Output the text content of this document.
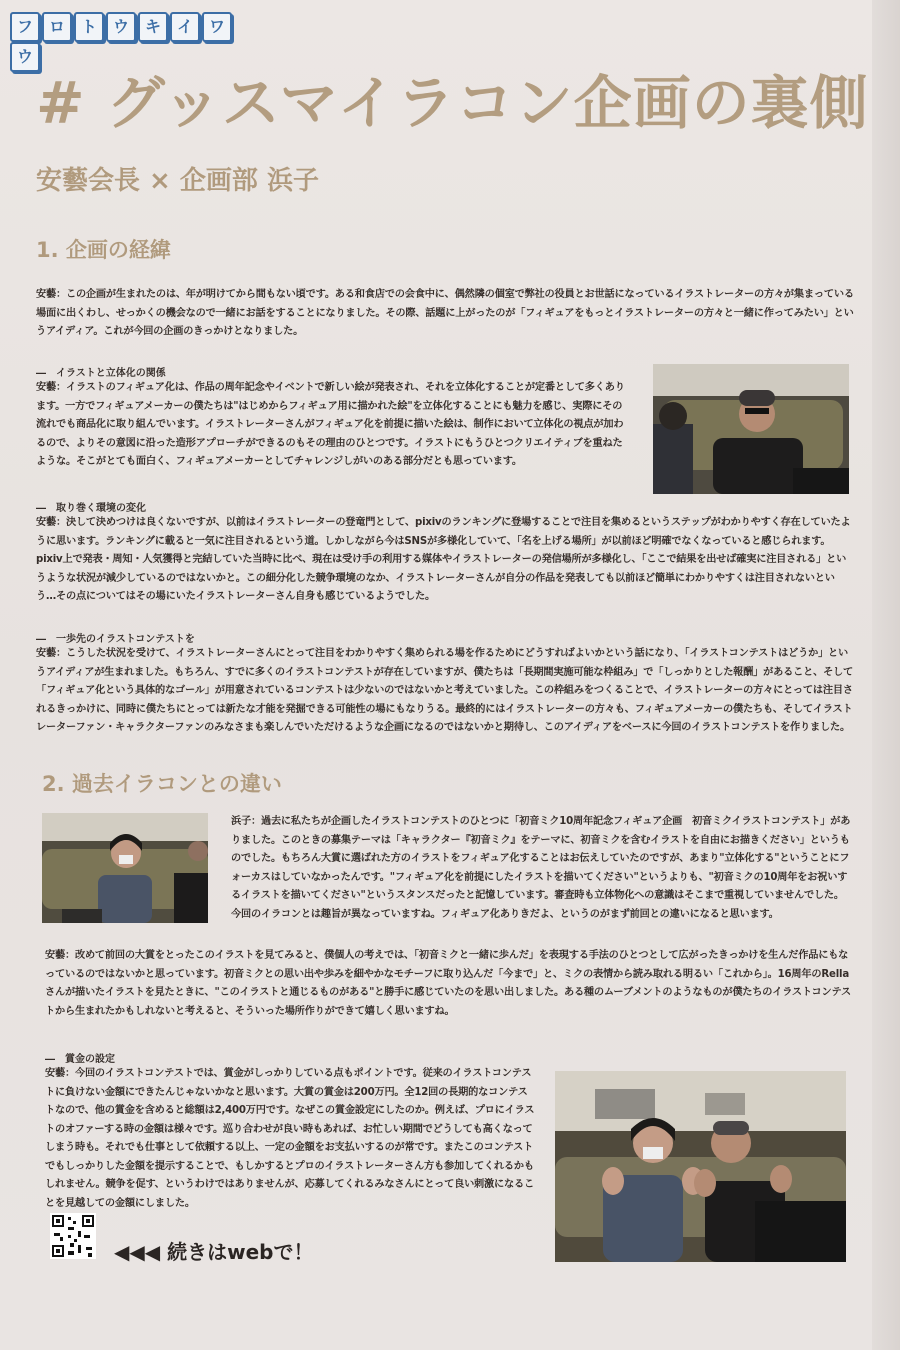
フ ロ ト ウ キ イ ワウ
# グッスマイラコン企画の裏側
安藝会長 × 企画部 浜子
1. 企画の経緯

安藝：この企画が生まれたのは、年が明けてから間もない頃です。ある和食店での会食中に、偶然隣の個室で弊社の役員とお世話になっているイラストレーターの方々が集まっている場面に出くわし、せっかくの機会なので一緒にお話をすることになりました。その際、話題に上がったのが「フィギュアをもっとイラストレーターの方々と一緒に作ってみたい」というアイディア。これが今回の企画のきっかけとなりました。

―　イラストと立体化の関係

安藝：イラストのフィギュア化は、作品の周年記念やイベントで新しい絵が発表され、それを立体化することが定番として多くあります。一方でフィギュアメーカーの僕たちは"はじめからフィギュア用に描かれた絵"を立体化することにも魅力を感じ、実際にその流れでも商品化に取り組んでいます。イラストレーターさんがフィギュア化を前提に描いた絵は、制作において立体化の視点が加わるので、よりその意図に沿った造形アプローチができるのもその理由のひとつです。イラストにもうひとつクリエイティブを重ねたような。そこがとても面白く、フィギュアメーカーとしてチャレンジしがいのある部分だとも思っています。

―　取り巻く環境の変化

安藝：決して決めつけは良くないですが、以前はイラストレーターの登竜門として、pixivのランキングに登場することで注目を集めるというステップがわかりやすく存在していたように思います。ランキングに載ると一気に注目されるという道。しかしながら今はSNSが多様化していて、「名を上げる場所」が以前ほど明確でなくなっていると感じられます。pixiv上で発表・周知・人気獲得と完結していた当時に比べ、現在は受け手の利用する媒体やイラストレーターの発信場所が多様化し、「ここで結果を出せば確実に注目される」というような状況が減少しているのではないかと。この細分化した競争環境のなか、イラストレーターさんが自分の作品を発表しても以前ほど簡単にわかりやすくは注目されないという…その点についてはその場にいたイラストレーターさん自身も感じているようでした。

―　一歩先のイラストコンテストを

安藝：こうした状況を受けて、イラストレーターさんにとって注目をわかりやすく集められる場を作るためにどうすればよいかという話になり、「イラストコンテストはどうか」というアイディアが生まれました。もちろん、すでに多くのイラストコンテストが存在していますが、僕たちは「長期間実施可能な枠組み」で「しっかりとした報酬」があること、そして「フィギュア化という具体的なゴール」が用意されているコンテストは少ないのではないかと考えていました。この枠組みをつくることで、イラストレーターの方々にとっては注目されるきっかけに、同時に僕たちにとっては新たな才能を発掘できる可能性の場にもなりうる。最終的にはイラストレーターの方々も、フィギュアメーカーの僕たちも、そしてイラストレーターファン・キャラクターファンのみなさまも楽しんでいただけるような企画になるのではないかと期待し、このアイディアをベースに今回のイラストコンテストを作りました。

2. 過去イラコンとの違い

浜子：過去に私たちが企画したイラストコンテストのひとつに「初音ミク10周年記念フィギュア企画　初音ミクイラストコンテスト」がありました。このときの募集テーマは「キャラクター『初音ミク』をテーマに、初音ミクを含むイラストを自由にお描きください」というものでした。もちろん大賞に選ばれた方のイラストをフィギュア化することはお伝えしていたのですが、あまり"立体化する"ということにフォーカスはしていなかったんです。"フィギュア化を前提にしたイラストを描いてください"というよりも、"初音ミクの10周年をお祝いするイラストを描いてください"というスタンスだったと記憶しています。審査時も立体物化への意識はそこまで重視していませんでした。今回のイラコンとは趣旨が異なっていますね。フィギュア化ありきだよ、というのがまず前回との違いになると思います。

安藝：改めて前回の大賞をとったこのイラストを見てみると、僕個人の考えでは、「初音ミクと一緒に歩んだ」を表現する手法のひとつとして広がったきっかけを生んだ作品にもなっているのではないかと思っています。初音ミクとの思い出や歩みを細やかなモチーフに取り込んだ「今まで」と、ミクの表情から読み取れる明るい「これから」。16周年のRellaさんが描いたイラストを見たときに、"このイラストと通じるものがある"と勝手に感じていたのを思い出しました。ある種のムーブメントのようなものが僕たちのイラストコンテストから生まれたかもしれないと考えると、そういった場所作りができて嬉しく思いますね。

―　賞金の設定

安藝：今回のイラストコンテストでは、賞金がしっかりしている点もポイントです。従来のイラストコンテストに負けない金額にできたんじゃないかなと思います。大賞の賞金は200万円。全12回の長期的なコンテストなので、他の賞金を含めると総額は2,400万円です。なぜこの賞金設定にしたのか。例えば、プロにイラストのオファーする時の金額は様々です。巡り合わせが良い時もあれば、お忙しい期間でどうしても高くなってしまう時も。それでも仕事として依頼する以上、一定の金額をお支払いするのが常です。またこのコンテストでもしっかりした金額を提示することで、もしかするとプロのイラストレーターさん方も参加してくれるかもしれません。競争を促す、というわけではありませんが、応募してくれるみなさんにとって良い刺激になることを見越しての金額にしました。

◀◀◀ 続きはwebで！
